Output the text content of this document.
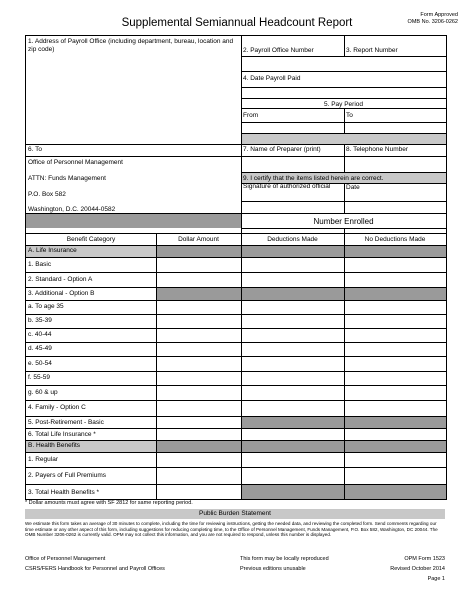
Supplemental Semiannual Headcount Report
Form Approved
OMB No. 3206-0262
1. Address of Payroll Office (including department, bureau, location and zip code)	2. Payroll Office Number	3. Report Number
4. Date Payroll Paid
5. Pay Period
From	To
6. To	7. Name of Preparer (print)	8. Telephone Number
Office of Personnel Management
ATTN: Funds Management
P.O. Box 582
Washington, D.C. 20044-0582
9. I certify that the items listed herein are correct.
Signature of authorized official	Date
Number Enrolled
Benefit Category	Dollar Amount	Deductions Made	No Deductions Made
A. Life Insurance
1. Basic
2. Standard - Option A
3. Additional - Option B
a. To age 35
b. 35-39
c. 40-44
d. 45-49
e. 50-54
f. 55-59
g. 60 & up
4. Family - Option C
5. Post-Retirement - Basic
6. Total Life Insurance *
B. Health Benefits
1. Regular
2. Payers of Full Premiums
3. Total Health Benefits *
* Dollar amounts must agree with SF 2812 for same reporting period.
Public Burden Statement
We estimate this form takes an average of 30 minutes to complete, including the time for reviewing instructions, getting the needed data, and reviewing the completed form. Send comments regarding our time estimate or any other aspect of this form, including suggestions for reducing completing time, to the Office of Personnel Management, Funds Management, P.O. Box 582, Washington, DC 20044. The OMB Number 3206-0262 is currently valid. OPM may not collect this information, and you are not required to respond, unless this number is displayed.
Office of Personnel Management
CSRS/FERS Handbook for Personnel and Payroll Offices
This form may be locally reproduced
Previous editions unusable
OPM Form 1523
Revised October 2014
Page 1
